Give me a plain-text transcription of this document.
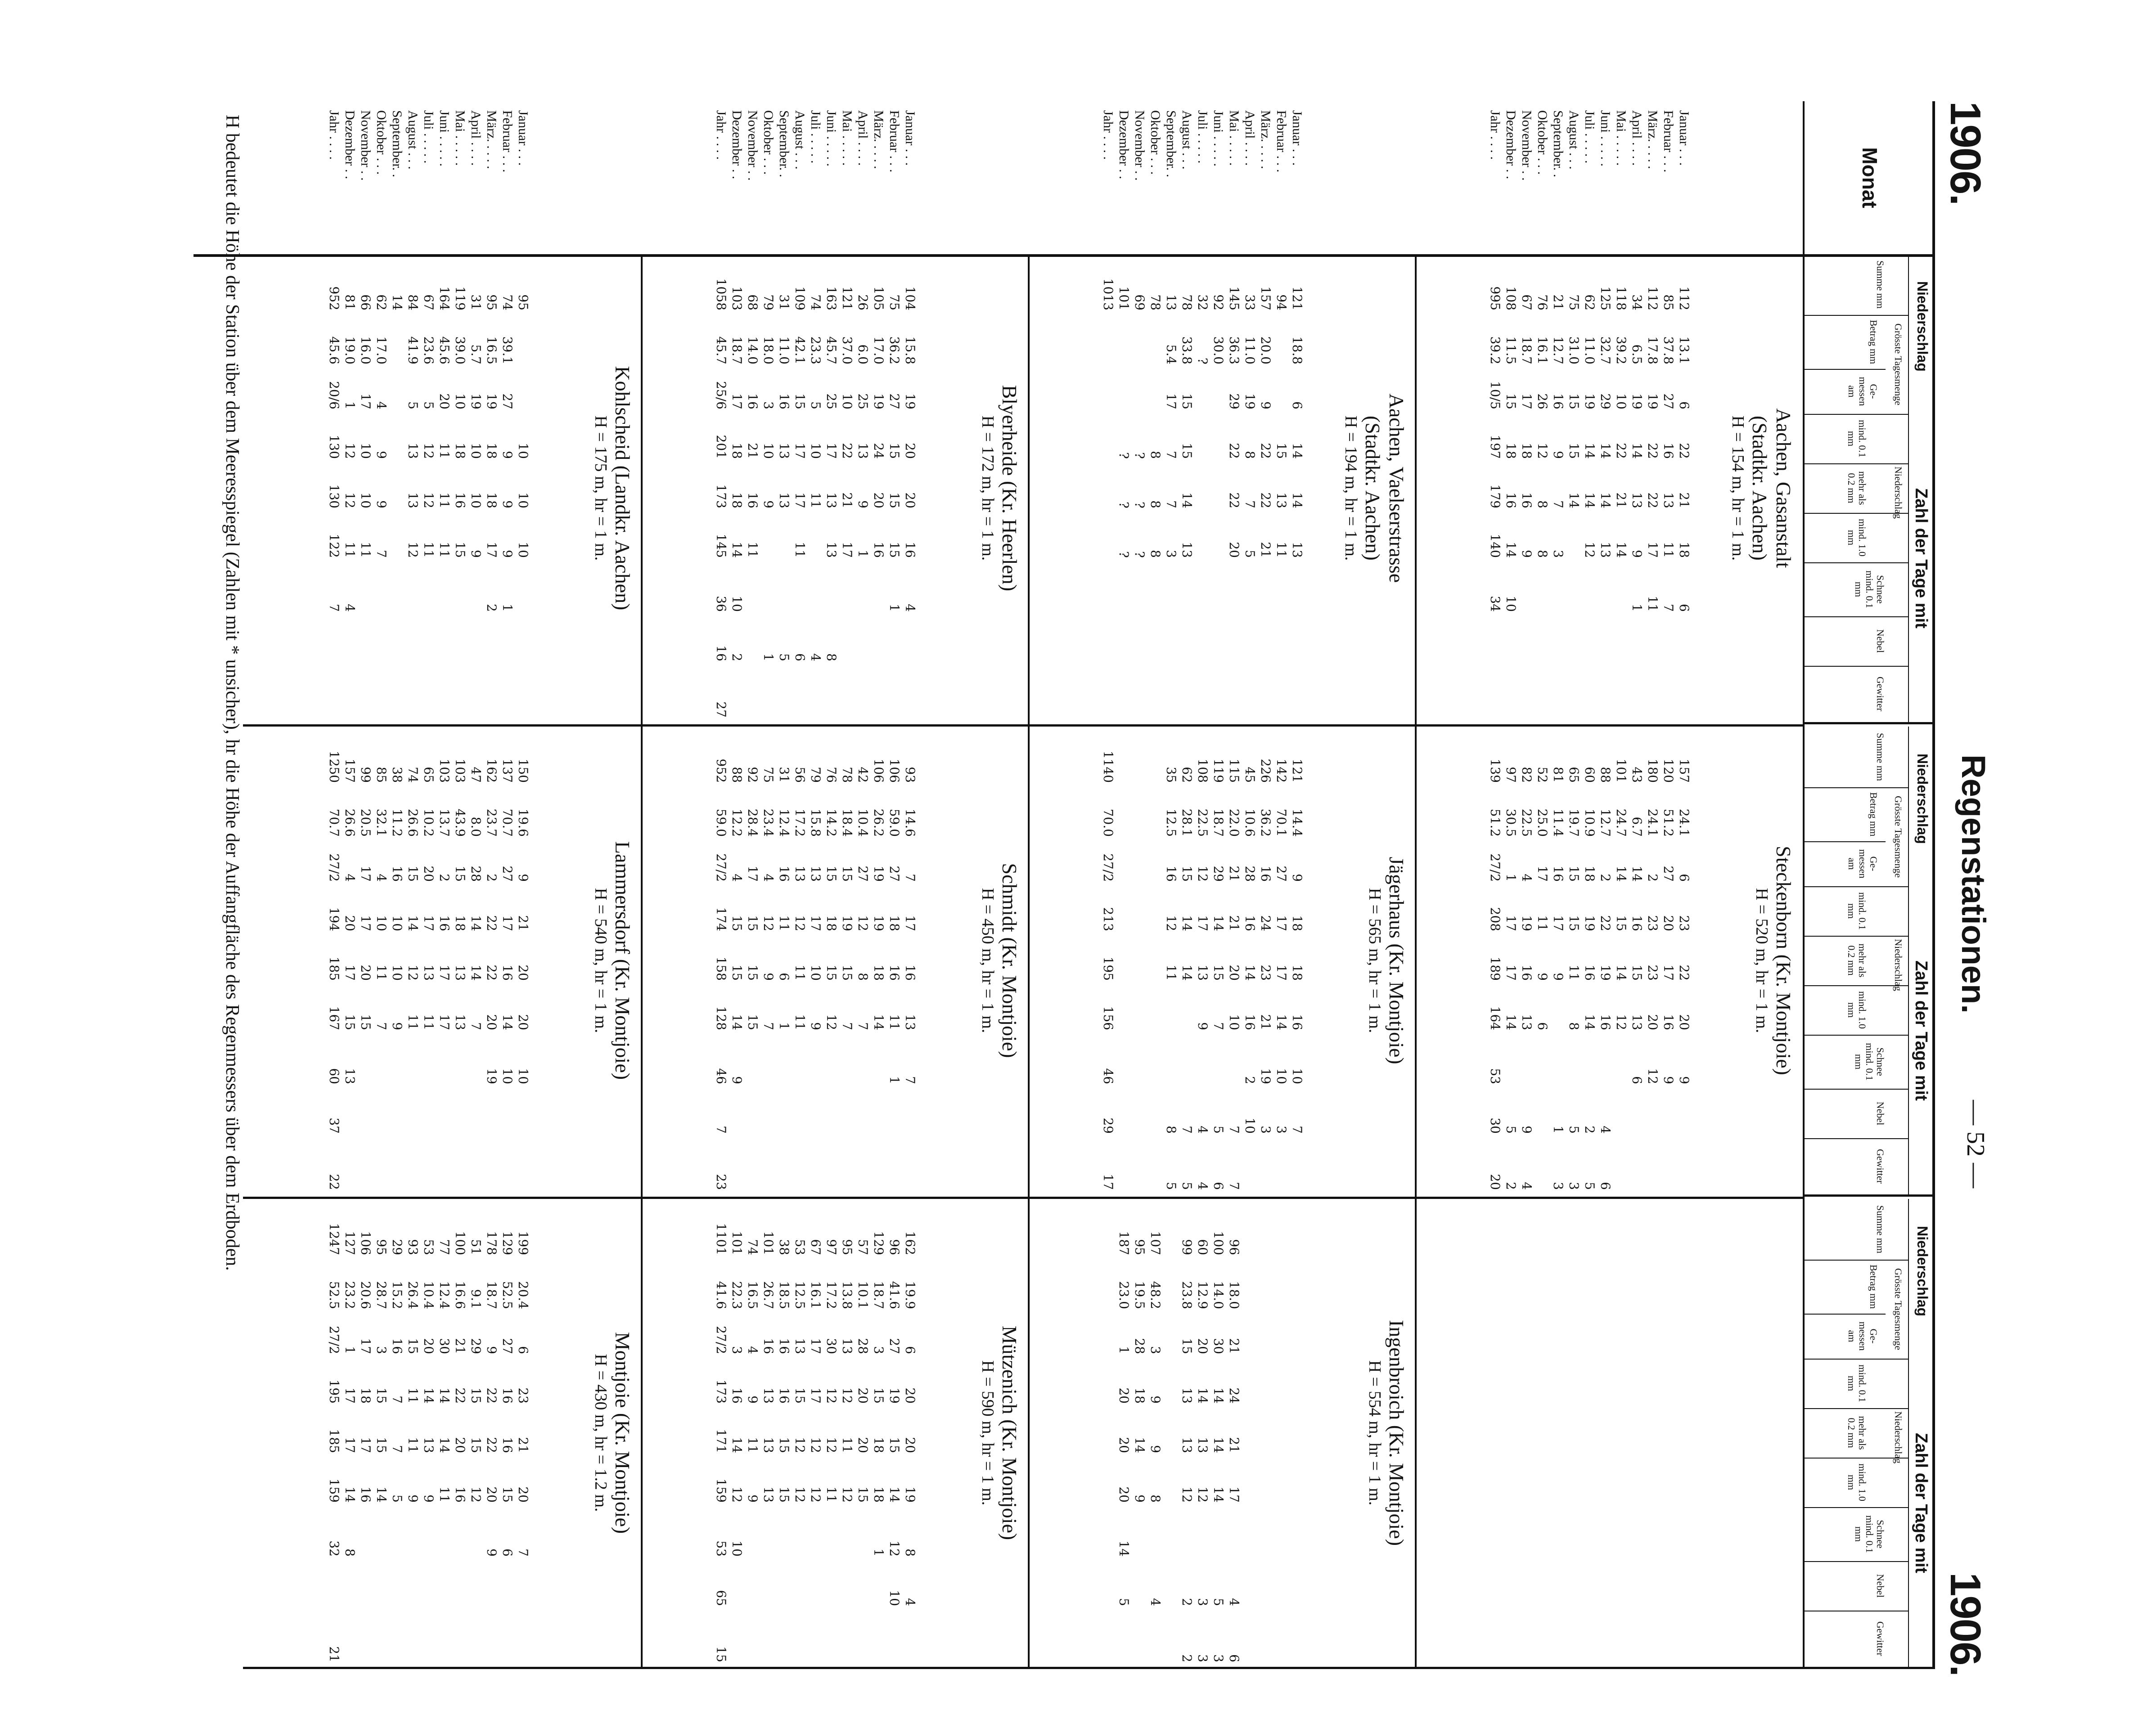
1906.
Regenstationen.
— 52 —
1906.
Monat
Niederschlag
Zahl der Tage mit
Summe mm
Betrag mm
Ge- messen am
mind. 0.1 mm
mehr als 0.2 mm
mind. 1.0 mm
Schnee mind. 0.1 mm
Nebel
Gewitter
Grösste Tagesmenge
Niederschlag
Niederschlag
Zahl der Tage mit
Summe mm
Betrag mm
Ge- messen am
mind. 0.1 mm
mehr als 0.2 mm
mind. 1.0 mm
Schnee mind. 0.1 mm
Nebel
Gewitter
Grösste Tagesmenge
Niederschlag
Niederschlag
Zahl der Tage mit
Summe mm
Betrag mm
Ge- messen am
mind. 0.1 mm
mehr als 0.2 mm
mind. 1.0 mm
Schnee mind. 0.1 mm
Nebel
Gewitter
Grösste Tagesmenge
Niederschlag
H bedeutet die Höhe der Station über dem Meeresspiegel (Zahlen mit * unsicher), hr die Höhe der Auffangfläche des Regenmessers über dem Erdboden.	Januar . . .
Februar . . .
März. . . . .
April . . . .
Mai . . . . .
Juni . . . . .
Juli . . . . .
August . . .
September. .
Oktober . . .
November . .
Dezember . .
Jahr . . . .
Aachen, Gasanstalt
(Stadtkr. Aachen)
H = 154 m, hr = 1 m.
11213.162221186
8537.8271613117
11217.81922221711
346.519141391
11839.210222114
12532.729141413
6211.019141412
7531.0151514
2112.716973
7616.1261288
6718.71718169
10811.51518161410
99539.210/519717914034
Steckenborn (Kr. Montjoie)
H = 520 m, hr = 1 m.
15724.162322209
12051.2272017169
18024.1223232012
436.7141615136
10124.714151412
8812.7222191646
6010.91819161425
6519.7151511853
8111.41617913
5225.0171196
8222.5419161394
9730.5117171452
13951.227/2208189164533020
Januar . . .
Februar . . .
März. . . . .
April . . . .
Mai . . . . .
Juni . . . . .
Juli . . . . .
August . . .
September. .
Oktober . . .
November . .
Dezember . .
Jahr . . . .
Aachen, Vaelserstrasse
(Stadtkr. Aachen)
H = 194 m, hr = 1 m.
12118.86141413
94151311
15720.09222221
3311.019875
14536.329222220
9230.0
32?
7833.815151413
135.417773
78888
69???
101???
1013
Jägerhaus (Kr. Montjoie)
H = 565 m, hr = 1 m.
12114.49181816107
14270.127171714103
22636.216242321193
4510.628161416210
11522.02121201077
11918.7291415756
10822.5121713944
6228.115141475
3512.516121185
114070.027/2213195156462917
Ingenbroich (Kr. Montjoie)
H = 554 m, hr = 1 m.
9618.02124211746
10014.03014141453
6012.92014131233
9923.81513131222
10748.239984
9519.52818149
18723.01202020145
Januar . . .
Februar . . .
März. . . . .
April . . . .
Mai . . . . .
Juni . . . . .
Juli . . . . .
August . . .
September. .
Oktober . . .
November . .
Dezember . .
Jahr . . . .
Blyerheide (Kr. Heerlen)
H = 172 m, hr = 1 m.
10415.8192020164
7536.2271515151
10517.019242016
266.0251391
12137.010222117
16345.7251713138
7423.3510114
10942.1151717116
3111.01613135
7918.031091
6814.016211611
10318.717181814102
105845.725/6201173145361627
Schmidt (Kr. Montjoie)
H = 450 m, hr = 1 m.
9314.671716137
10659.0271816111
10626.219191814
4210.4271287
7818.41519157
7614.215181512
7915.81317109
5617.213121111
3112.4161161
7523.441297
9228.417151515
8812.241515149
95259.027/217415812846723
Mützenich (Kr. Montjoie)
H = 590 m, hr = 1 m.
16219.9620201984
9641.6271915141210
12918.731518181
5710.128202015
9513.813121112
9717.230121211
6716.117171212
5312.513151212
3818.516161515
10126.716131313
7416.549119
10122.3316141210
110141.627/2173171159536515
Januar . . .
Februar . . .
März. . . . .
April . . . .
Mai . . . . .
Juni . . . . .
Juli . . . . .
August . . .
September. .
Oktober . . .
November . .
Dezember . .
Jahr . . . .
Kohlscheid (Landkr. Aachen)
H = 175 m, hr = 1 m.
95101010
7439.1279991
9516.5191818172
315.71910109
11939.010181615
16445.620111111
6723.65121211
8441.95131312
14
6217.04997
6616.017101011
8119.011212114
95245.620/61301301227
Lammersdorf (Kr. Montjoie)
H = 540 m, hr = 1 m.
15019.6921202010
13770.72717161410
16223.7222222019
478.02814147
10343.915181313
10313.72161717
6510.220171311
7426.615141211
3811.21610109
8532.1410117
9920.517172015
15726.6420171513
125070.727/2194185167603722
Montjoie (Kr. Montjoie)
H = 430 m, hr = 1.2 m.
19920.462321207
12952.5271616156
17818.792222209
519.129151512
10016.621222016
7712.430141411
5310.42014139
9326.41511119
2915.216775
9528.73151514
10620.617181716
12723.211717148
124752.527/21951851593221
